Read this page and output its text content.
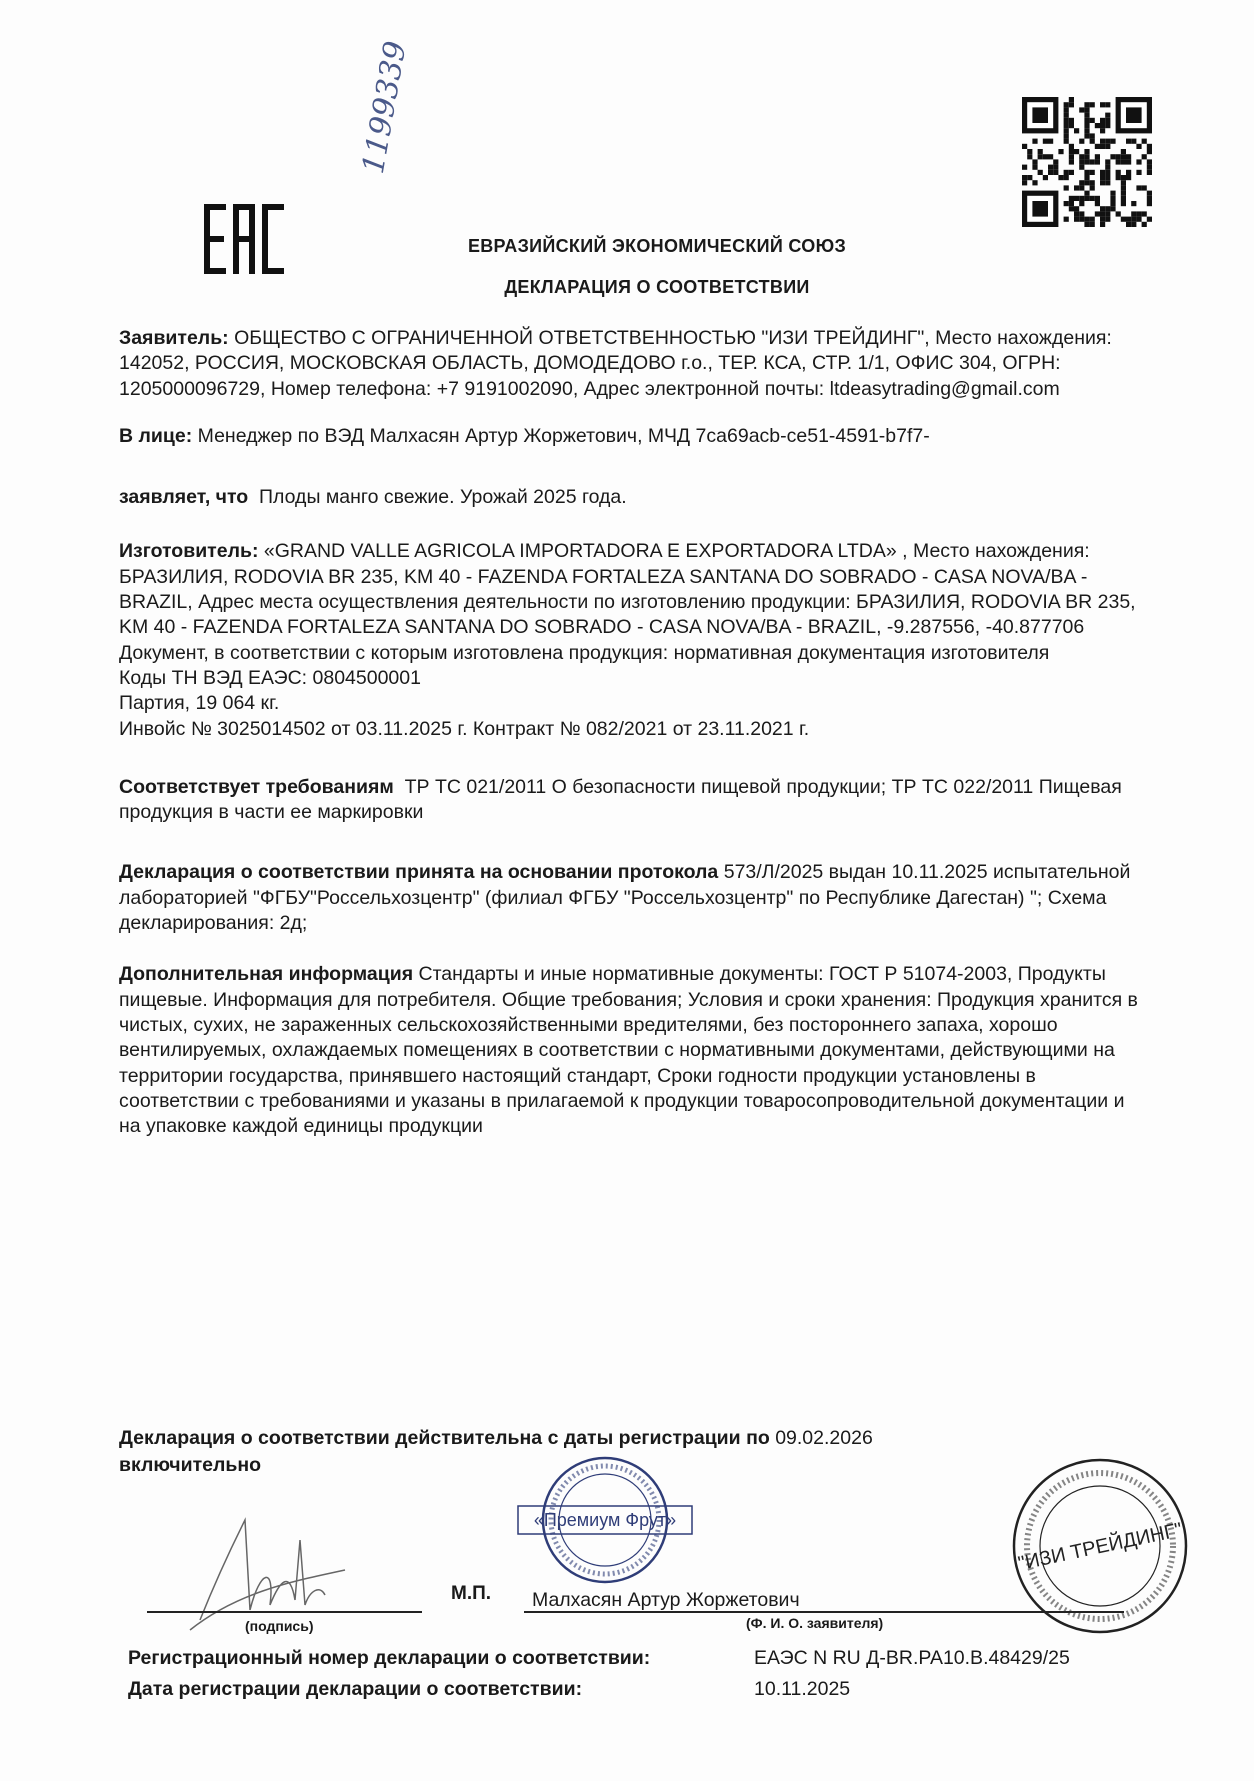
1199339
ЕВРАЗИЙСКИЙ ЭКОНОМИЧЕСКИЙ СОЮЗ
ДЕКЛАРАЦИЯ О СООТВЕТСТВИИ
Заявитель: ОБЩЕСТВО С ОГРАНИЧЕННОЙ ОТВЕТСТВЕННОСТЬЮ "ИЗИ ТРЕЙДИНГ", Место нахождения: 142052, РОССИЯ, МОСКОВСКАЯ ОБЛАСТЬ, ДОМОДЕДОВО г.о., ТЕР. КСА, СТР. 1/1, ОФИС 304, ОГРН: 1205000096729, Номер телефона: +7 9191002090, Адрес электронной почты: ltdeasytrading@gmail.com
В лице: Менеджер по ВЭД Малхасян Артур Жоржетович, МЧД 7ca69acb-ce51-4591-b7f7-
заявляет, что Плоды манго свежие. Урожай 2025 года.
Изготовитель: «GRAND VALLE AGRICOLA IMPORTADORA E EXPORTADORA LTDA» , Место нахождения: БРАЗИЛИЯ, RODOVIA BR 235, KM 40 - FAZENDA FORTALEZA SANTANA DO SOBRADO - CASA NOVA/BA - BRAZIL, Адрес места осуществления деятельности по изготовлению продукции: БРАЗИЛИЯ, RODOVIA BR 235, KM 40 - FAZENDA FORTALEZA SANTANA DO SOBRADO - CASA NOVA/BA - BRAZIL, -9.287556, -40.877706
Документ, в соответствии с которым изготовлена продукция: нормативная документация изготовителя
Коды ТН ВЭД ЕАЭС: 0804500001
Партия, 19 064 кг.
Инвойс № 3025014502 от 03.11.2025 г. Контракт № 082/2021 от 23.11.2021 г.
Соответствует требованиям ТР ТС 021/2011 О безопасности пищевой продукции; ТР ТС 022/2011 Пищевая продукция в части ее маркировки
Декларация о соответствии принята на основании протокола 573/Л/2025 выдан 10.11.2025 испытательной лабораторией "ФГБУ"Россельхозцентр" (филиал ФГБУ "Россельхозцентр" по Республике Дагестан) "; Схема декларирования: 2д;
Дополнительная информация Стандарты и иные нормативные документы: ГОСТ Р 51074-2003, Продукты пищевые. Информация для потребителя. Общие требования; Условия и сроки хранения: Продукция хранится в чистых, сухих, не зараженных сельскохозяйственными вредителями, без постороннего запаха, хорошо вентилируемых, охлаждаемых помещениях в соответствии с нормативными документами, действующими на территории государства, принявшего настоящий стандарт, Сроки годности продукции установлены в соответствии с требованиями и указаны в прилагаемой к продукции товаросопроводительной документации и на упаковке каждой единицы продукции
Декларация о соответствии действительна с даты регистрации по 09.02.2026
включительно
М.П. Малхасян Артур Жоржетович
(подпись)	(Ф. И. О. заявителя)
Регистрационный номер декларации о соответствии:	ЕАЭС N RU Д-BR.PA10.В.48429/25
Дата регистрации декларации о соответствии:	10.11.2025
«Премиум Фрут»	"ИЗИ ТРЕЙДИНГ"
